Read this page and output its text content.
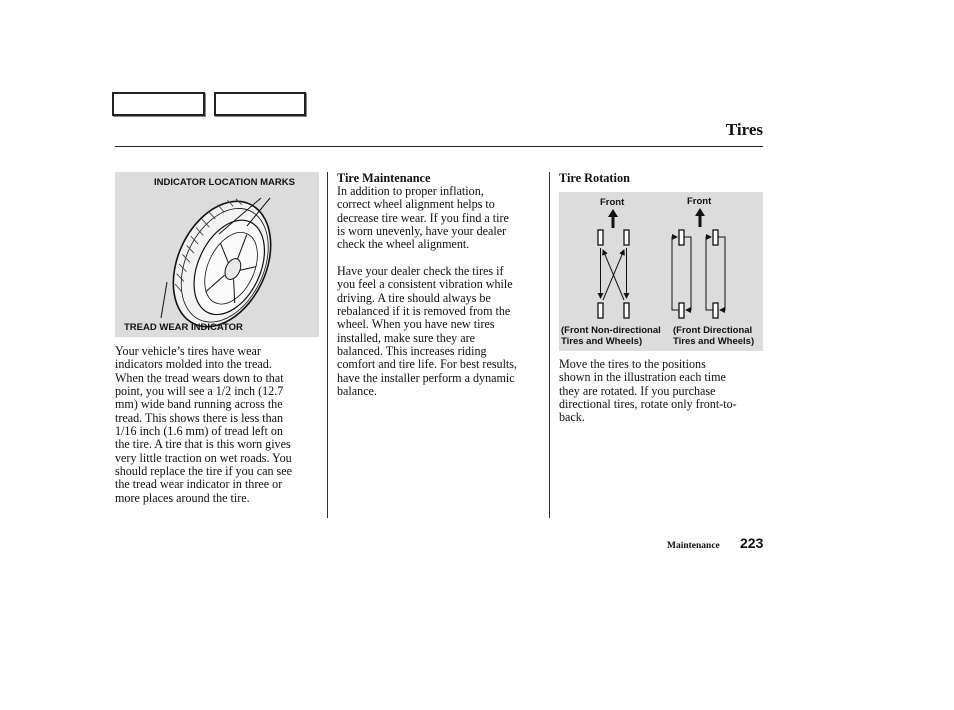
Tires
INDICATOR LOCATION MARKS
TREAD WEAR INDICATOR
Your vehicle’s tires have wear
indicators molded into the tread.
When the tread wears down to that
point, you will see a 1/2 inch (12.7
mm) wide band running across the
tread. This shows there is less than
1/16 inch (1.6 mm) of tread left on
the tire. A tire that is this worn gives
very little traction on wet roads. You
should replace the tire if you can see
the tread wear indicator in three or
more places around the tire.
Tire Maintenance
In addition to proper inflation,
correct wheel alignment helps to
decrease tire wear. If you find a tire
is worn unevenly, have your dealer
check the wheel alignment.
Have your dealer check the tires if
you feel a consistent vibration while
driving. A tire should always be
rebalanced if it is removed from the
wheel. When you have new tires
installed, make sure they are
balanced. This increases riding
comfort and tire life. For best results,
have the installer perform a dynamic
balance.
Tire Rotation
Front	Front
(Front Non-directional
Tires and Wheels)
(Front Directional
Tires and Wheels)
Move the tires to the positions
shown in the illustration each time
they are rotated. If you purchase
directional tires, rotate only front-to-
back.
Maintenance 223
